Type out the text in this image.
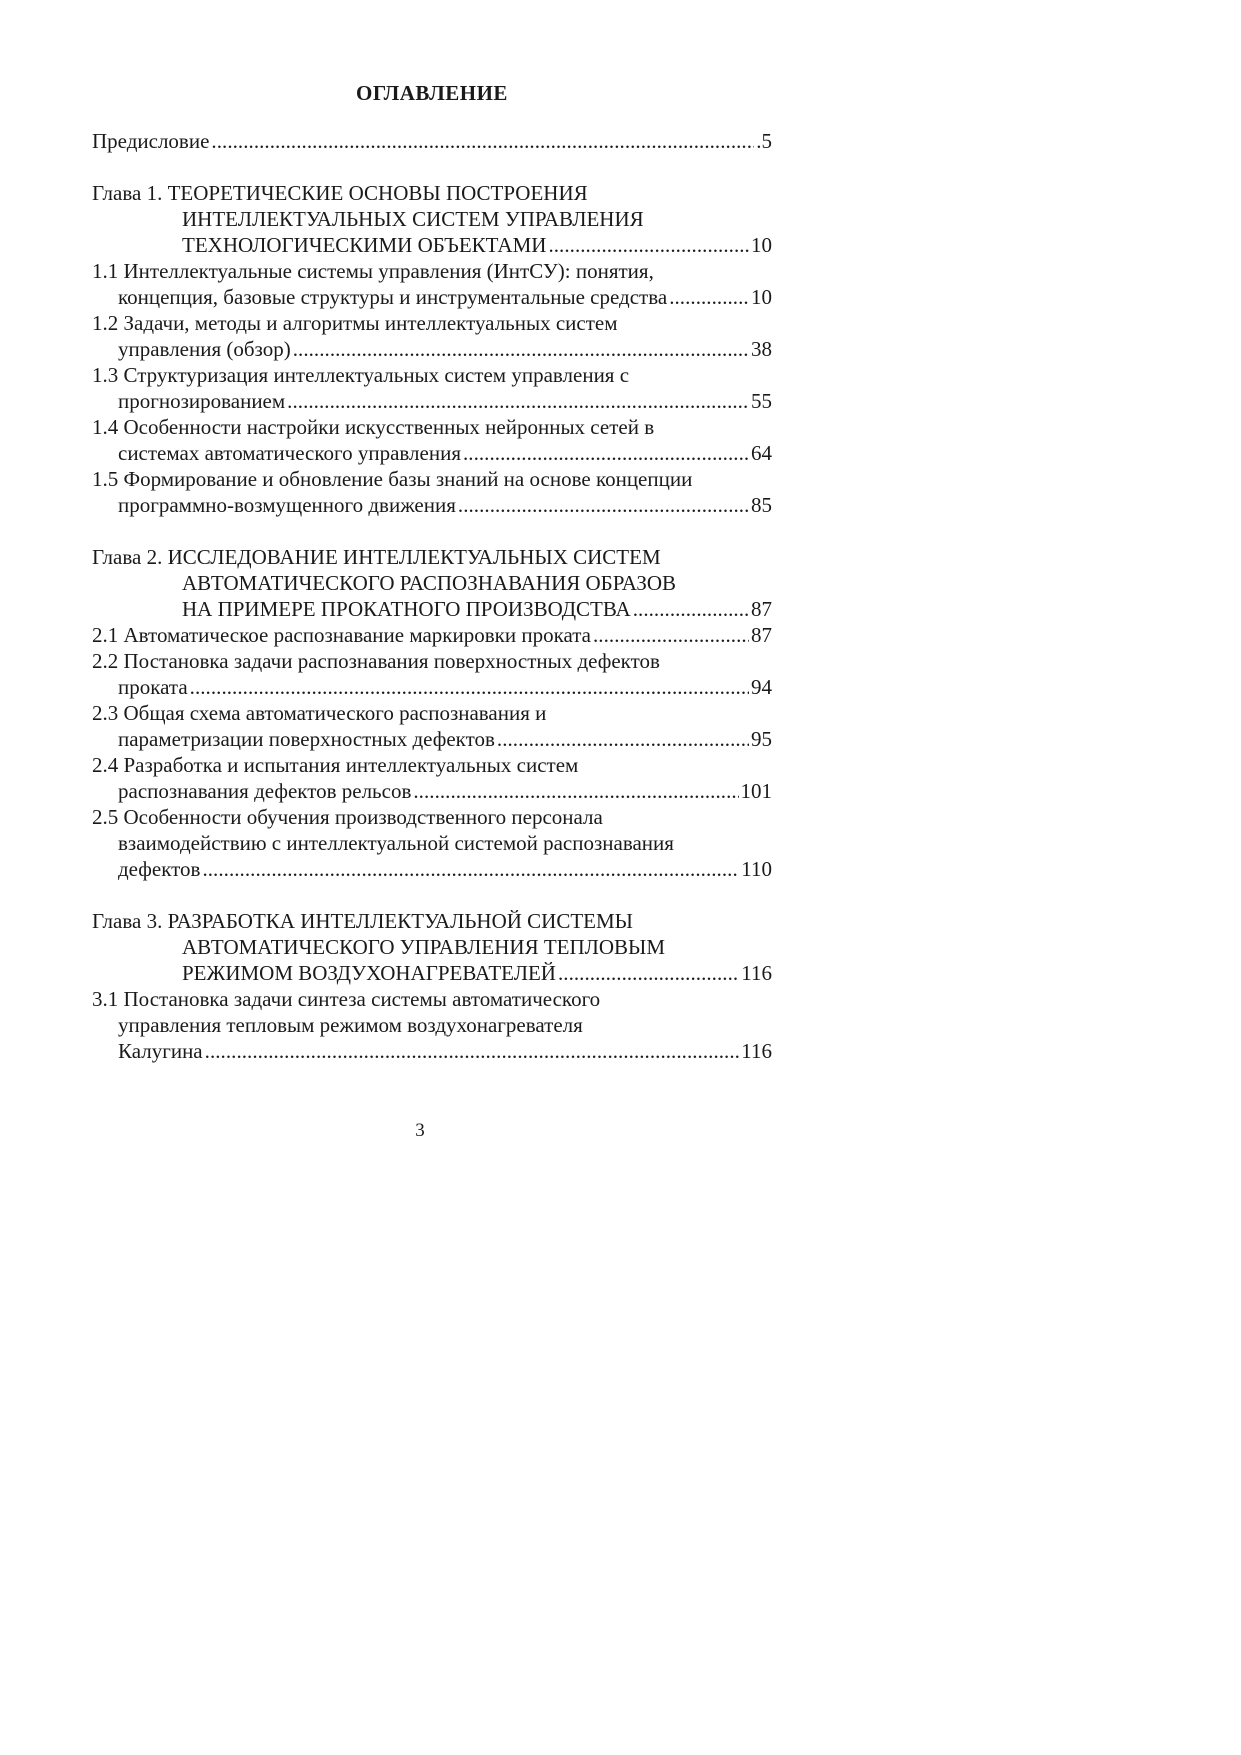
ОГЛАВЛЕНИЕ
Предисловие . . .	.5
Глава 1. ТЕОРЕТИЧЕСКИЕ ОСНОВЫ ПОСТРОЕНИЯ
ИНТЕЛЛЕКТУАЛЬНЫХ СИСТЕМ УПРАВЛЕНИЯ
ТЕХНОЛОГИЧЕСКИМИ ОБЪЕКТАМИ . . .	10
1.1 Интеллектуальные системы управления (ИнтСУ): понятия,
концепция, базовые структуры и инструментальные средства . . .	10
1.2 Задачи, методы и алгоритмы интеллектуальных систем
управления (обзор) . . .	38
1.3 Структуризация интеллектуальных систем управления с
прогнозированием . . .	55
1.4 Особенности настройки искусственных нейронных сетей в
системах автоматического управления . . .	64
1.5 Формирование и обновление базы знаний на основе концепции
программно-возмущенного движения . . .	85
Глава 2. ИССЛЕДОВАНИЕ ИНТЕЛЛЕКТУАЛЬНЫХ СИСТЕМ
АВТОМАТИЧЕСКОГО РАСПОЗНАВАНИЯ ОБРАЗОВ
НА ПРИМЕРЕ ПРОКАТНОГО ПРОИЗВОДСТВА . . .	87
2.1 Автоматическое распознавание маркировки проката . . .	87
2.2 Постановка задачи распознавания поверхностных дефектов
проката . . .	94
2.3 Общая схема автоматического распознавания и
параметризации поверхностных дефектов . . .	95
2.4 Разработка и испытания интеллектуальных систем
распознавания дефектов рельсов . . .	101
2.5 Особенности обучения производственного персонала
взаимодействию с интеллектуальной системой распознавания
дефектов . . .	110
Глава 3. РАЗРАБОТКА ИНТЕЛЛЕКТУАЛЬНОЙ СИСТЕМЫ
АВТОМАТИЧЕСКОГО УПРАВЛЕНИЯ ТЕПЛОВЫМ
РЕЖИМОМ ВОЗДУХОНАГРЕВАТЕЛЕЙ . . .	116
3.1 Постановка задачи синтеза системы автоматического
управления тепловым режимом воздухонагревателя
Калугина . . .	116
3
